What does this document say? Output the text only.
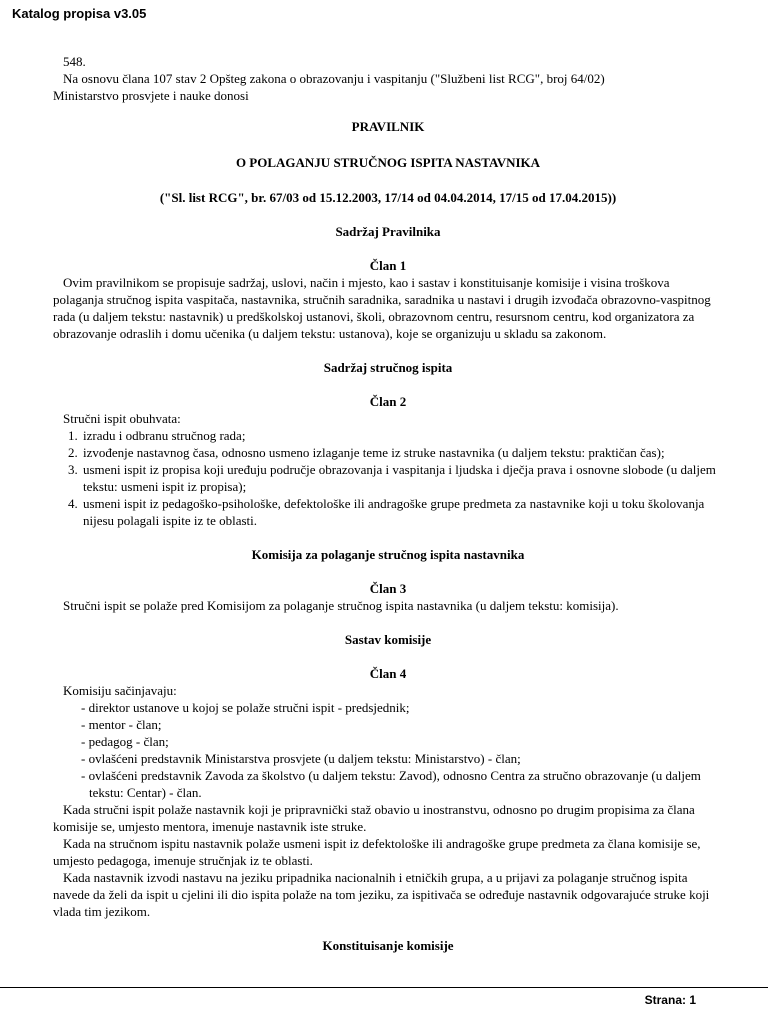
Katalog propisa v3.05

548.

Na osnovu člana 107 stav 2 Opšteg zakona o obrazovanju i vaspitanju ("Službeni list RCG", broj 64/02)

Ministarstvo prosvjete i nauke donosi

PRAVILNIK

O POLAGANJU STRUČNOG ISPITA NASTAVNIKA

("Sl. list RCG", br. 67/03 od 15.12.2003, 17/14 od 04.04.2014, 17/15 od 17.04.2015))

Sadržaj Pravilnika

Član 1

Ovim pravilnikom se propisuje sadržaj, uslovi, način i mjesto, kao i sastav i konstituisanje komisije i visina troškova polaganja stručnog ispita vaspitača, nastavnika, stručnih saradnika, saradnika u nastavi i drugih izvođača obrazovno-vaspitnog rada (u daljem tekstu: nastavnik) u predškolskoj ustanovi, školi, obrazovnom centru, resursnom centru, kod organizatora za obrazovanje odraslih i domu učenika (u daljem tekstu: ustanova), koje se organizuju u skladu sa zakonom.

Sadržaj stručnog ispita

Član 2

Stručni ispit obuhvata:

1. izradu i odbranu stručnog rada;
2. izvođenje nastavnog časa, odnosno usmeno izlaganje teme iz struke nastavnika (u daljem tekstu: praktičan čas);
3. usmeni ispit iz propisa koji uređuju područje obrazovanja i vaspitanja i ljudska i dječja prava i osnovne slobode (u daljem tekstu: usmeni ispit iz propisa);
4. usmeni ispit iz pedagoško-psihološke, defektološke ili andragoške grupe predmeta za nastavnike koji u toku školovanja nijesu polagali ispite iz te oblasti.

Komisija za polaganje stručnog ispita nastavnika

Član 3

Stručni ispit se polaže pred Komisijom za polaganje stručnog ispita nastavnika (u daljem tekstu: komisija).

Sastav komisije

Član 4

Komisiju sačinjavaju:

- direktor ustanove u kojoj se polaže stručni ispit - predsjednik;
- mentor - član;
- pedagog - član;
- ovlašćeni predstavnik Ministarstva prosvjete (u daljem tekstu: Ministarstvo) - član;
- ovlašćeni predstavnik Zavoda za školstvo (u daljem tekstu: Zavod), odnosno Centra za stručno obrazovanje (u daljem tekstu: Centar) - član.

Kada stručni ispit polaže nastavnik koji je pripravnički staž obavio u inostranstvu, odnosno po drugim propisima za člana komisije se, umjesto mentora, imenuje nastavnik iste struke.

Kada na stručnom ispitu nastavnik polaže usmeni ispit iz defektološke ili andragoške grupe predmeta za člana komisije se, umjesto pedagoga, imenuje stručnjak iz te oblasti.

Kada nastavnik izvodi nastavu na jeziku pripadnika nacionalnih i etničkih grupa, a u prijavi za polaganje stručnog ispita navede da želi da ispit u cjelini ili dio ispita polaže na tom jeziku, za ispitivača se određuje nastavnik odgovarajuće struke koji vlada tim jezikom.

Konstituisanje komisije

Strana: 1
